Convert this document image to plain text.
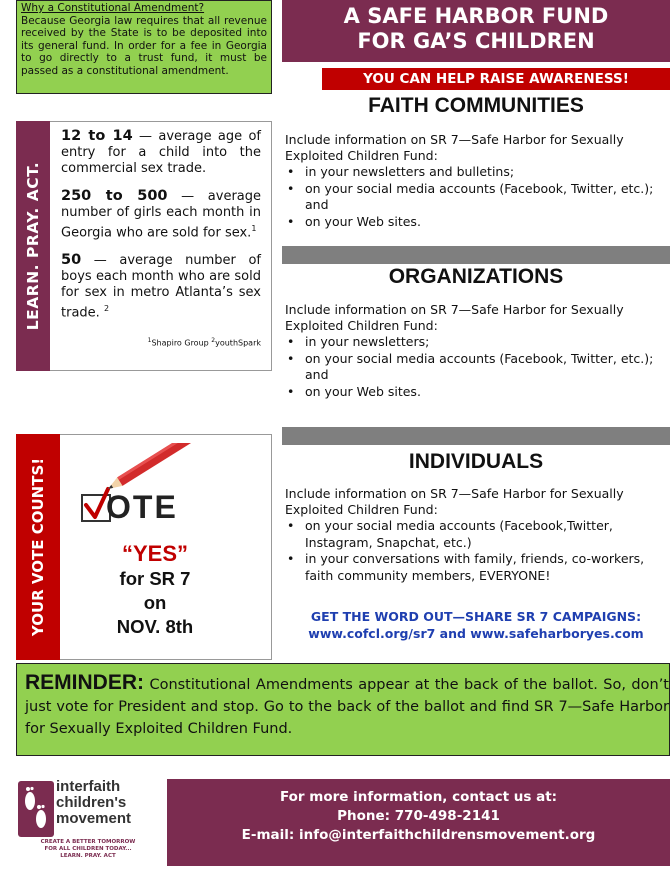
Why a Constitutional Amendment?
Because Georgia law requires that all revenue received by the State is to be deposited into its general fund. In order for a fee in Georgia to go directly to a trust fund, it must be passed as a constitutional amendment.
A SAFE HARBOR FUND
FOR GA’S CHILDREN
YOU CAN HELP RAISE AWARENESS!
FAITH COMMUNITIES
Include information on SR 7—Safe Harbor for Sexually Exploited Children Fund:
• in your newsletters and bulletins;
• on your social media accounts (Facebook, Twitter, etc.); and
• on your Web sites.
ORGANIZATIONS
Include information on SR 7—Safe Harbor for Sexually Exploited Children Fund:
• in your newsletters;
• on your social media accounts (Facebook, Twitter, etc.); and
• on your Web sites.
INDIVIDUALS
Include information on SR 7—Safe Harbor for Sexually Exploited Children Fund:
• on your social media accounts (Facebook,Twitter, Instagram, Snapchat, etc.)
• in your conversations with family, friends, co-workers, faith community members, EVERYONE!
GET THE WORD OUT—SHARE SR 7 CAMPAIGNS:
www.cofcl.org/sr7 and www.safeharboryes.com
LEARN. PRAY. ACT.
12 to 14 — average age of entry for a child into the commercial sex trade.
250 to 500 — average number of girls each month in Georgia who are sold for sex.$^1$
50 — average number of boys each month who are sold for sex in metro Atlanta’s sex trade. $^2$
$^1$Shapiro Group $^2$youthSpark
YOUR VOTE COUNTS! OTE
“YES”
for SR 7
on
NOV. 8th
REMINDER: Constitutional Amendments appear at the back of the ballot. So, don’t just vote for President and stop. Go to the back of the ballot and find SR 7—Safe Harbor for Sexually Exploited Children Fund.
interfaith
children's
movement
CREATE A BETTER TOMORROW
FOR ALL CHILDREN TODAY...
LEARN. PRAY. ACT
For more information, contact us at:
Phone: 770-498-2141
E-mail: info@interfaithchildrensmovement.org
